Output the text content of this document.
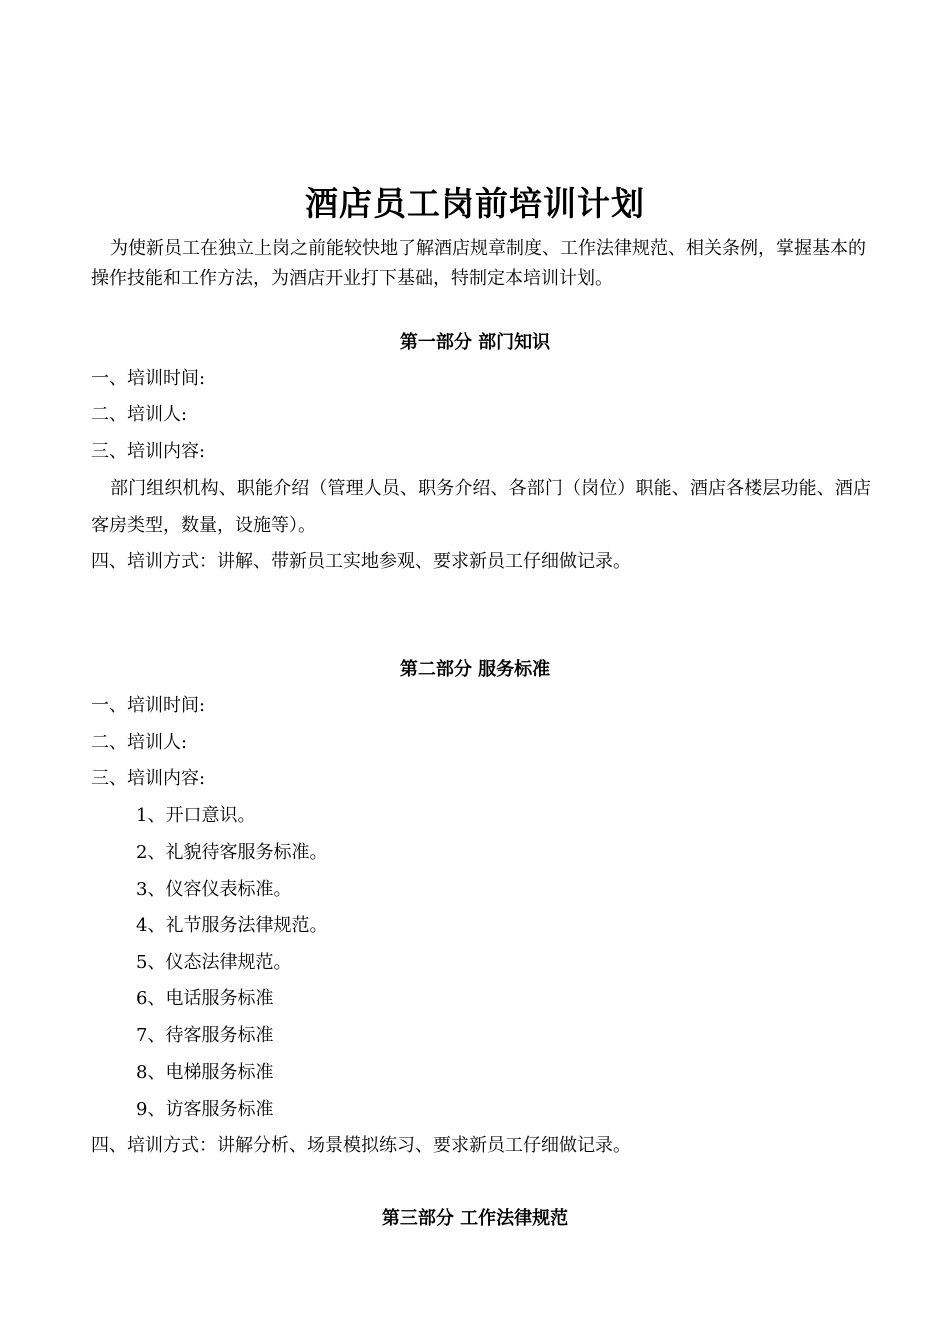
酒店员工岗前培训计划
为使新员工在独立上岗之前能较快地了解酒店规章制度、工作法律规范、相关条例，掌握基本的操作技能和工作方法，为酒店开业打下基础，特制定本培训计划。
第一部分 部门知识
一、培训时间:
二、培训人:
三、培训内容:
部门组织机构、职能介绍（管理人员、职务介绍、各部门（岗位）职能、酒店各楼层功能、酒店客房类型，数量，设施等）。
四、培训方式：讲解、带新员工实地参观、要求新员工仔细做记录。
第二部分 服务标准
一、培训时间:
二、培训人:
三、培训内容:
1、开口意识。
2、礼貌待客服务标准。
3、仪容仪表标准。
4、礼节服务法律规范。
5、仪态法律规范。
6、电话服务标准
7、待客服务标准
8、电梯服务标准
9、访客服务标准
四、培训方式：讲解分析、场景模拟练习、要求新员工仔细做记录。
第三部分 工作法律规范
